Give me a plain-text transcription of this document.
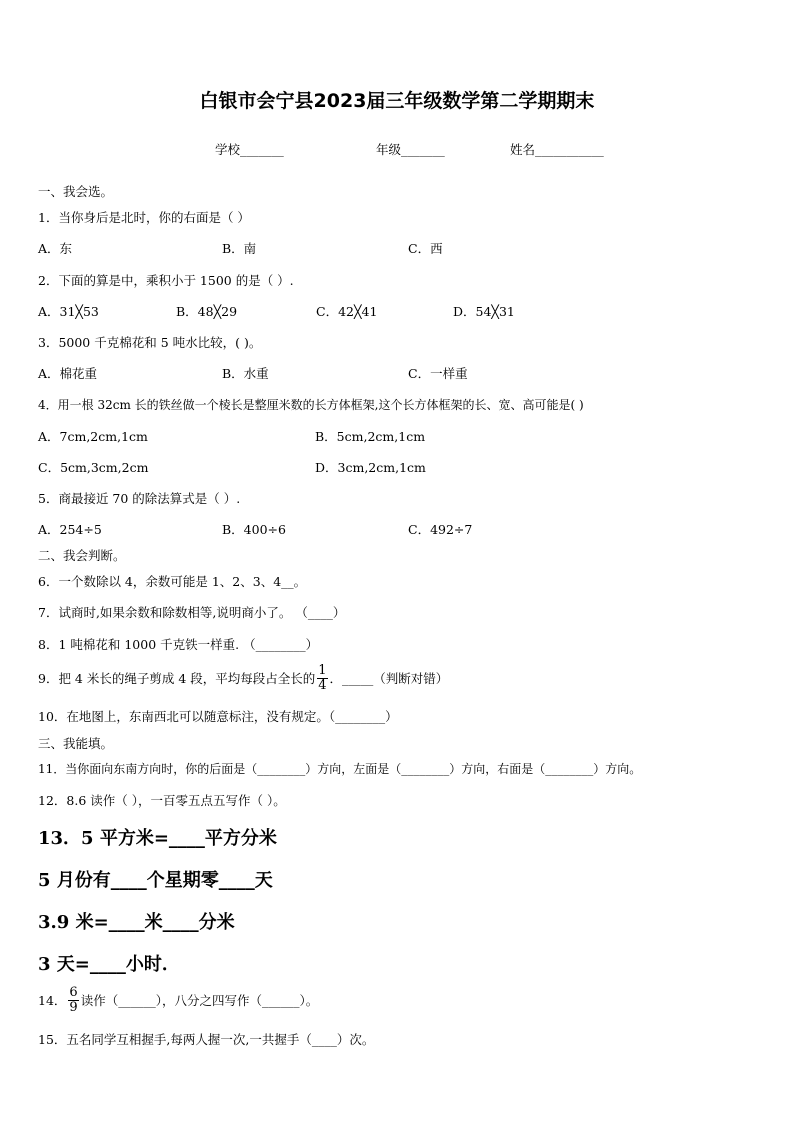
白银市会宁县2023届三年级数学第二学期期末
学校_______	年级_______	姓名___________
一、我会选。
1．当你身后是北时，你的右面是（ ）
A．东	B．南	C．西
2．下面的算是中，乘积小于 1500 的是（ ）.
A．31╳53	B．48╳29	C．42╳41	D．54╳31
3．5000 千克棉花和 5 吨水比较，( )。
A．棉花重	B．水重	C．一样重
4．用一根 32cm 长的铁丝做一个棱长是整厘米数的长方体框架,这个长方体框架的长、宽、高可能是( )
A．7cm,2cm,1cm	B．5cm,2cm,1cm
C．5cm,3cm,2cm	D．3cm,2cm,1cm
5．商最接近 70 的除法算式是（ ）.
A．254÷5	B．400÷6	C．492÷7
二、我会判断。
6．一个数除以 4，余数可能是 1、2、3、4__。
7．试商时,如果余数和除数相等,说明商小了。 （____）
8．1 吨棉花和 1000 千克铁一样重. （________）
9．把 4 米长的绳子剪成 4 段，平均每段占全长的 $\frac{1}{4}$ ．_____（判断对错）
10．在地图上，东南西北可以随意标注，没有规定。（________）
三、我能填。
11．当你面向东南方向时，你的后面是（________）方向，左面是（________）方向，右面是（________）方向。
12．8.6 读作（ ），一百零五点五写作（ ）。
13．5 平方米=____平方分米
5 月份有____个星期零____天
3.9 米=____米____分米
3 天=____小时．
14． $\frac{6}{9}$ 读作（______），八分之四写作（______）。
15．五名同学互相握手,每两人握一次,一共握手（____）次。
